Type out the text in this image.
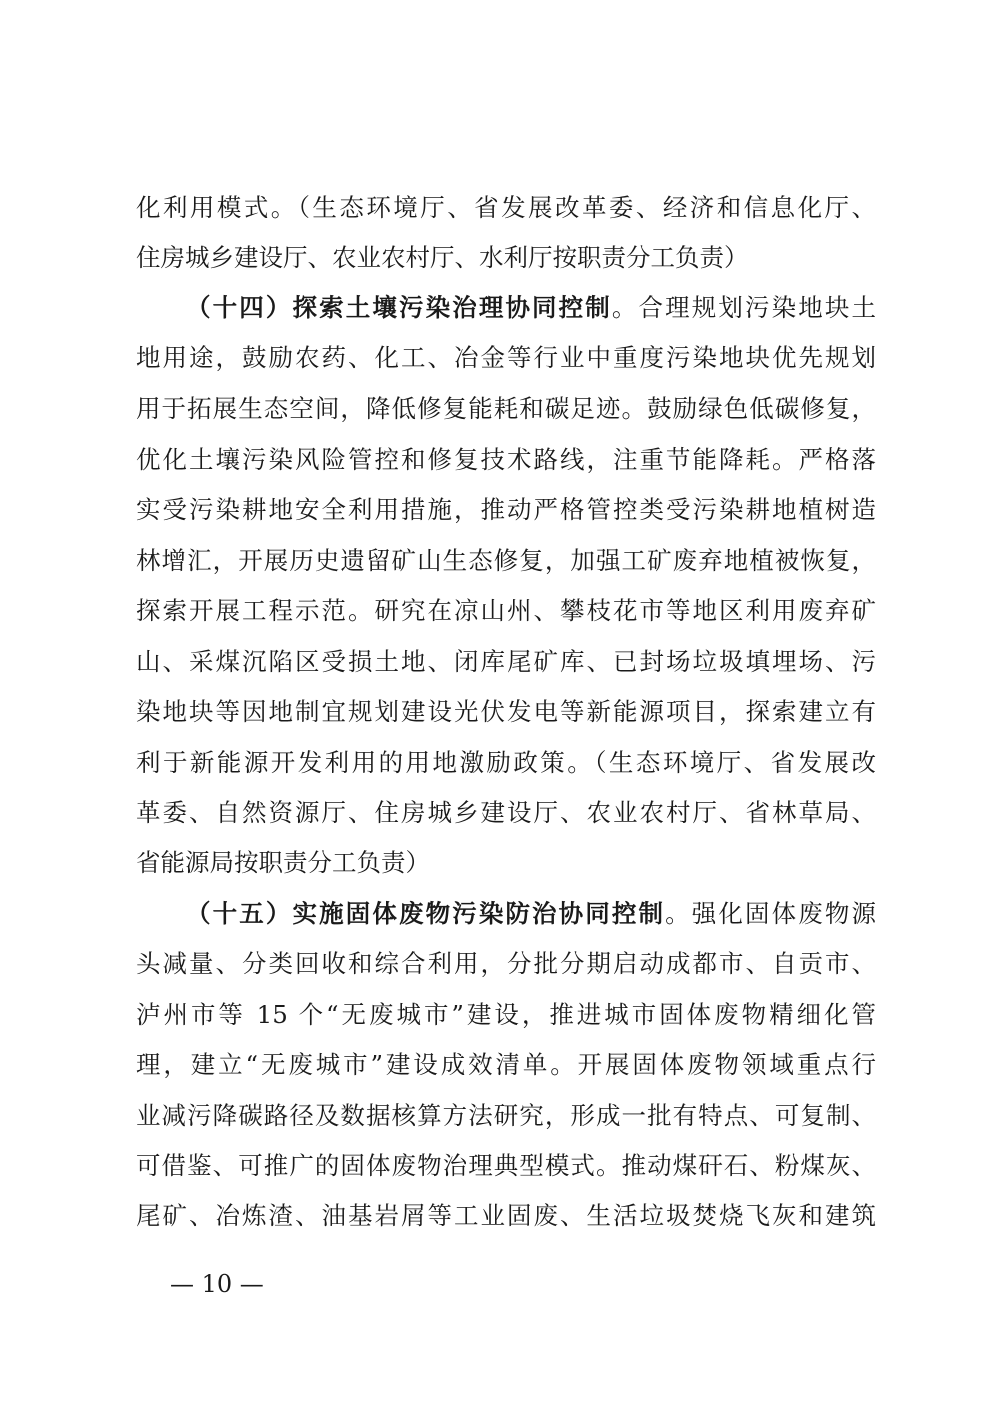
化利用模式。（生态环境厅、省发展改革委、经济和信息化厅、
住房城乡建设厅、农业农村厅、水利厅按职责分工负责）
（十四）探索土壤污染治理协同控制。合理规划污染地块土
地用途，鼓励农药、化工、冶金等行业中重度污染地块优先规划
用于拓展生态空间，降低修复能耗和碳足迹。鼓励绿色低碳修复，
优化土壤污染风险管控和修复技术路线，注重节能降耗。严格落
实受污染耕地安全利用措施，推动严格管控类受污染耕地植树造
林增汇，开展历史遗留矿山生态修复，加强工矿废弃地植被恢复，
探索开展工程示范。研究在凉山州、攀枝花市等地区利用废弃矿
山、采煤沉陷区受损土地、闭库尾矿库、已封场垃圾填埋场、污
染地块等因地制宜规划建设光伏发电等新能源项目，探索建立有
利于新能源开发利用的用地激励政策。（生态环境厅、省发展改
革委、自然资源厅、住房城乡建设厅、农业农村厅、省林草局、
省能源局按职责分工负责）
（十五）实施固体废物污染防治协同控制。强化固体废物源
头减量、分类回收和综合利用，分批分期启动成都市、自贡市、
泸州市等 15 个“无废城市”建设，推进城市固体废物精细化管
理，建立“无废城市”建设成效清单。开展固体废物领域重点行
业减污降碳路径及数据核算方法研究，形成一批有特点、可复制、
可借鉴、可推广的固体废物治理典型模式。推动煤矸石、粉煤灰、
尾矿、冶炼渣、油基岩屑等工业固废、生活垃圾焚烧飞灰和建筑
— 10 —
